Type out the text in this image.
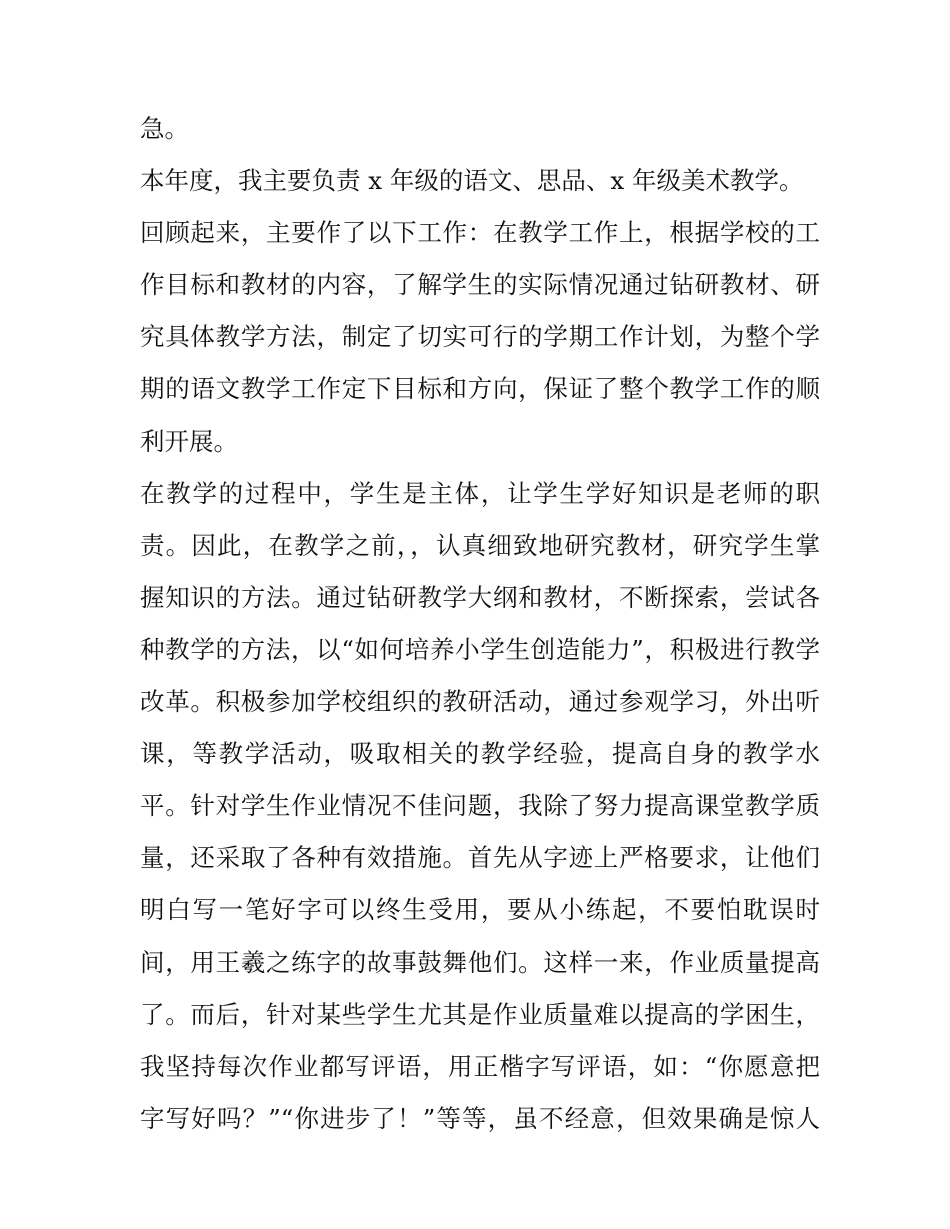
急。
本年度，我主要负责 x 年级的语文、思品、x 年级美术教学。
回顾起来，主要作了以下工作：在教学工作上，根据学校的工
作目标和教材的内容，了解学生的实际情况通过钻研教材、研
究具体教学方法，制定了切实可行的学期工作计划，为整个学
期的语文教学工作定下目标和方向，保证了整个教学工作的顺
利开展。
在教学的过程中，学生是主体，让学生学好知识是老师的职
责。因此，在教学之前，，认真细致地研究教材，研究学生掌
握知识的方法。通过钻研教学大纲和教材，不断探索，尝试各
种教学的方法，以“如何培养小学生创造能力”，积极进行教学
改革。积极参加学校组织的教研活动，通过参观学习，外出听
课，等教学活动，吸取相关的教学经验，提高自身的教学水
平。针对学生作业情况不佳问题，我除了努力提高课堂教学质
量，还采取了各种有效措施。首先从字迹上严格要求，让他们
明白写一笔好字可以终生受用，要从小练起，不要怕耽误时
间，用王羲之练字的故事鼓舞他们。这样一来，作业质量提高
了。而后，针对某些学生尤其是作业质量难以提高的学困生，
我坚持每次作业都写评语，用正楷字写评语，如：“你愿意把
字写好吗？”“你进步了！”等等，虽不经意，但效果确是惊人
